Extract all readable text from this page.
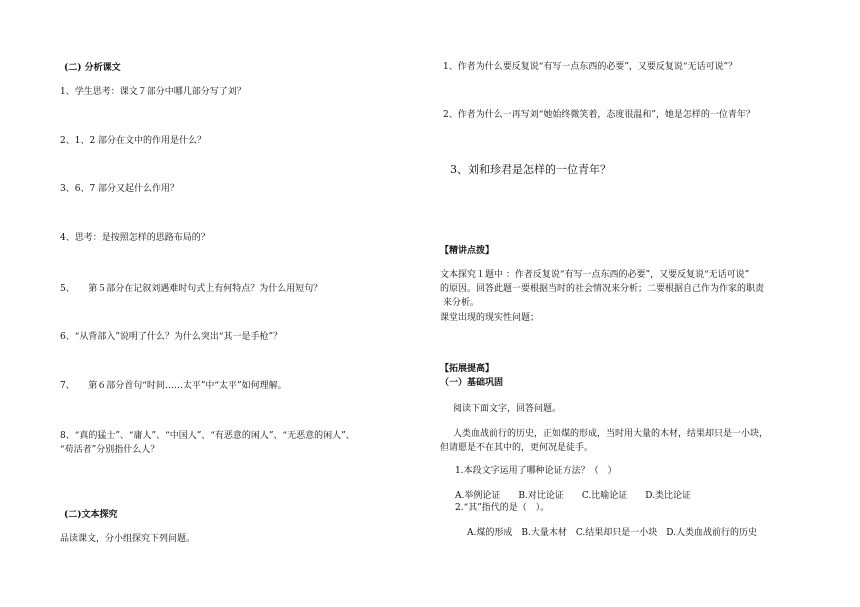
(二) 分析课文
1、学生思考：课文７部分中哪几部分写了刘？
2、1、2 部分在文中的作用是什么？
3、6、7 部分又起什么作用？
4、思考：是按照怎样的思路布局的？
5、　　第５部分在记叙刘遇难时句式上有何特点？为什么用短句？
6、“从背部入”说明了什么？为什么突出“其一是手枪”？
7、　　第６部分首句“时间……太平”中“太平”如何理解。
8、“真的猛士”、“庸人”、“中国人”、“有恶意的闲人”、“无恶意的闲人”、
“苟活者”分别指什么人？
(二)文本探究
品读课文，分小组探究下列问题。
1、作者为什么要反复说“有写一点东西的必要”，又要反复说“无话可说”？
2、作者为什么一再写刘“她始终微笑着，态度很温和”，她是怎样的一位青年？
3、刘和珍君是怎样的一位青年？
【精讲点拨】
文本探究１题中 ：作者反复说“有写一点东西的必要”，又要反复说“无话可说”
的原因。回答此题一要根据当时的社会情况来分析；二要根据自己作为作家的职责
来分析。
课堂出现的现实性问题；
【拓展提高】
（一）基础巩固
阅读下面文字，回答问题。
人类血战前行的历史，正如煤的形成，当时用大量的木材，结果却只是一小块，
但请愿是不在其中的，更何况是徒手。
1.本段文字运用了哪种论证方法？（　）
A.举例论证　　B.对比论证　　C.比喻论证　　D.类比论证
2.“其”指代的是（　）。
A.煤的形成　B.大量木材　C.结果却只是一小块　D.人类血战前行的历史
